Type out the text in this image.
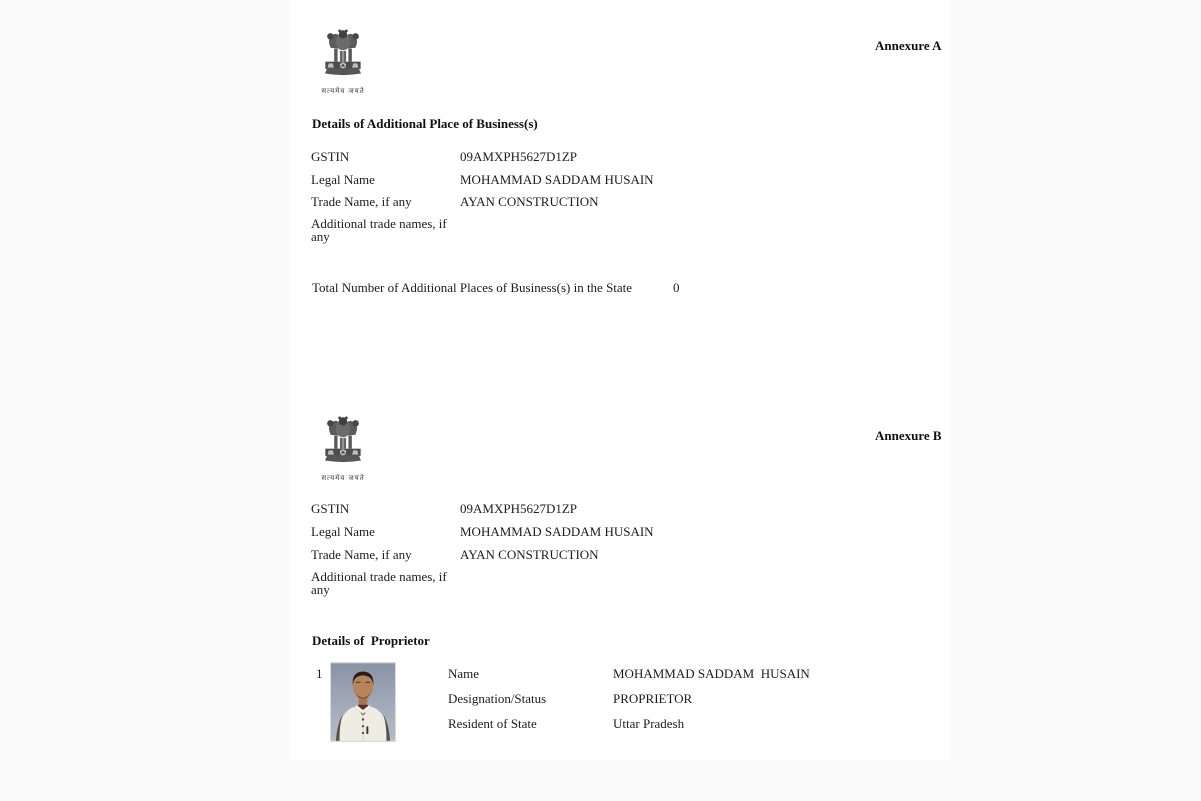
सत्यमेव जयते
Annexure A
Details of Additional Place of Business(s)
GSTIN	09AMXPH5627D1ZP
Legal Name	MOHAMMAD SADDAM HUSAIN
Trade Name, if any	AYAN CONSTRUCTION
Additional trade names, if any
Total Number of Additional Places of Business(s) in the State	0
सत्यमेव जयते
Annexure B
GSTIN	09AMXPH5627D1ZP
Legal Name	MOHAMMAD SADDAM HUSAIN
Trade Name, if any	AYAN CONSTRUCTION
Additional trade names, if any
Details of  Proprietor
1	Name	MOHAMMAD SADDAM  HUSAIN
Designation/Status	PROPRIETOR
Resident of State	Uttar Pradesh
